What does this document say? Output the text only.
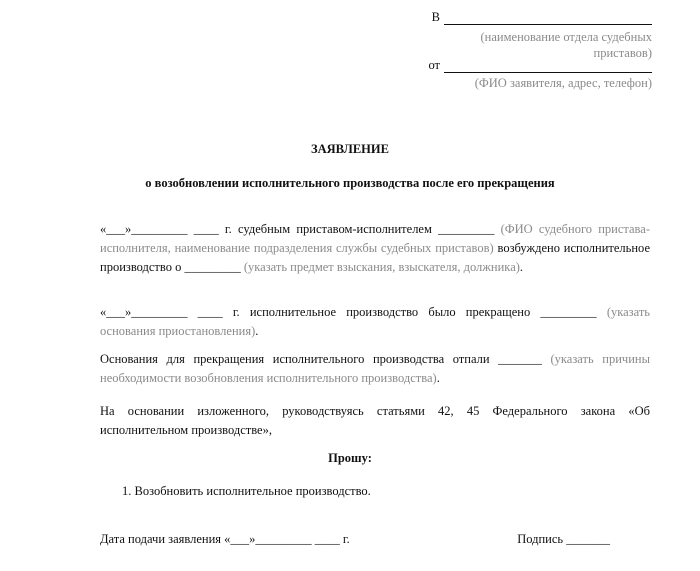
В
(наименование отдела судебных приставов)
от
(ФИО заявителя, адрес, телефон)
ЗАЯВЛЕНИЕ
о возобновлении исполнительного производства после его прекращения
«___»_________ ____ г. судебным приставом-исполнителем _________ (ФИО судебного пристава-исполнителя, наименование подразделения службы судебных приставов) возбуждено исполнительное производство о _________ (указать предмет взыскания, взыскателя, должника).
«___»_________ ____ г. исполнительное производство было прекращено _________ (указать основания приостановления).
Основания для прекращения исполнительного производства отпали _______ (указать причины необходимости возобновления исполнительного производства).
На основании изложенного, руководствуясь статьями 42, 45 Федерального закона «Об исполнительном производстве»,
Прошу:
1. Возобновить исполнительное производство.
Дата подачи заявления «___»_________ ____ г.	Подпись _______
